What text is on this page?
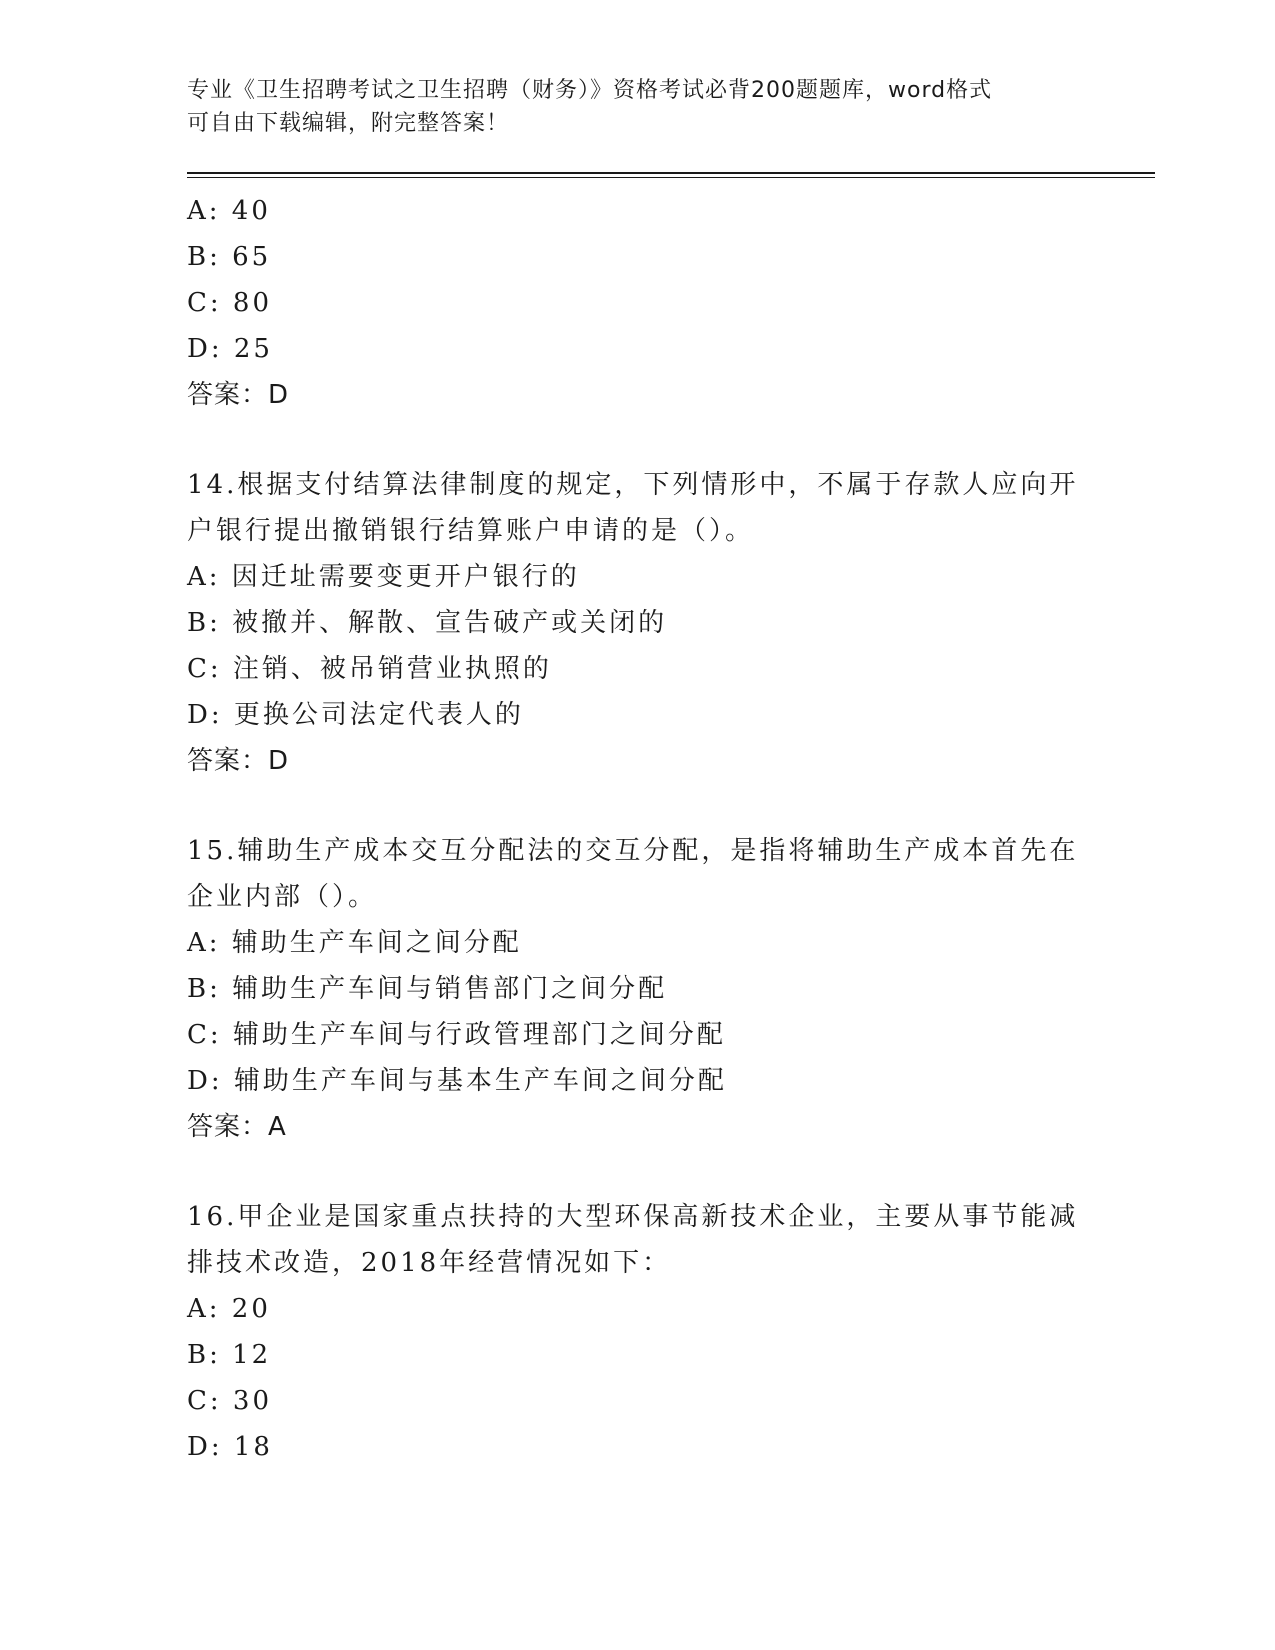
专业《卫生招聘考试之卫生招聘（财务）》资格考试必背200题题库，word格式
可自由下载编辑，附完整答案！
A: 40
B: 65
C: 80
D: 25
答案：D
14.根据支付结算法律制度的规定，下列情形中，不属于存款人应向开
户银行提出撤销银行结算账户申请的是（）。
A: 因迁址需要变更开户银行的
B: 被撤并、解散、宣告破产或关闭的
C: 注销、被吊销营业执照的
D: 更换公司法定代表人的
答案：D
15.辅助生产成本交互分配法的交互分配，是指将辅助生产成本首先在
企业内部（）。
A: 辅助生产车间之间分配
B: 辅助生产车间与销售部门之间分配
C: 辅助生产车间与行政管理部门之间分配
D: 辅助生产车间与基本生产车间之间分配
答案：A
16.甲企业是国家重点扶持的大型环保高新技术企业，主要从事节能减
排技术改造，2018年经营情况如下：
A: 20
B: 12
C: 30
D: 18
